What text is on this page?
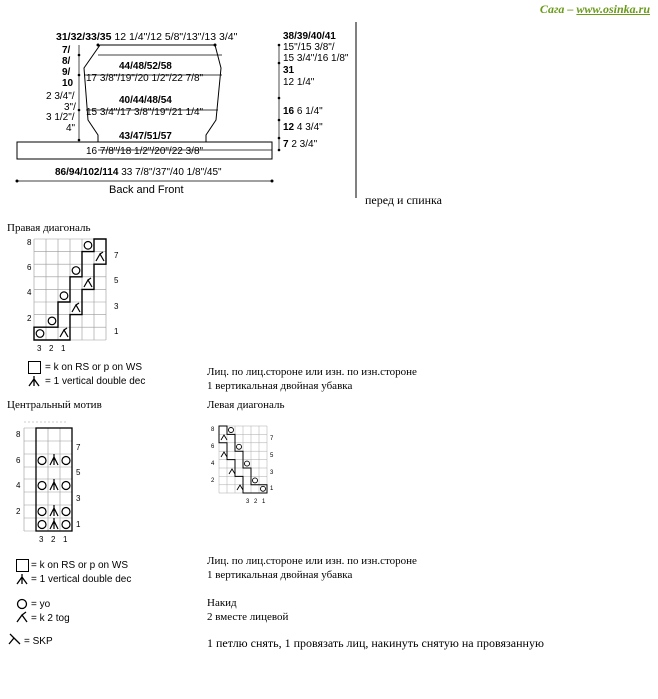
Сага – www.osinka.ru
31/32/33/35 12 1/4"/12 5/8"/13"/13 3/4"
7/
8/
9/
10
2 3/4"/
3"/
3 1/2"/
4"
44/48/52/58
17 3/8"/19"/20 1/2"/22 7/8"
40/44/48/54
15 3/4"/17 3/8"/19"/21 1/4"
43/47/51/57
16 7/8"/18 1/2"/20"/22 3/8"
86/94/102/114 33 7/8"/37"/40 1/8"/45"
Back and Front
38/39/40/41
15"/15 3/8"/
15 3/4"/16 1/8"
31
12 1/4"
16 6 1/4"
12 4 3/4"
7 2 3/4"
перед и спинка
Правая диагональ
8
6
4
2
7
5
3
1
3 2 1
= k on RS or p on WS
= 1 vertical double dec
Лиц. по лиц.стороне или изн. по изн.стороне
1 вертикальная двойная убавка
Центральный мотив	Левая диагональ
8
6
4
2
7
5
3
1
3 2 1
8
6
4
2
7
5
3
1
3 2 1
= k on RS or p on WS
= 1 vertical double dec
Лиц. по лиц.стороне или изн. по изн.стороне
1 вертикальная двойная убавка
= yo
= k 2 tog
Накид
2 вместе лицевой
= SKP	1 петлю снять, 1 провязать лиц, накинуть снятую на провязанную
